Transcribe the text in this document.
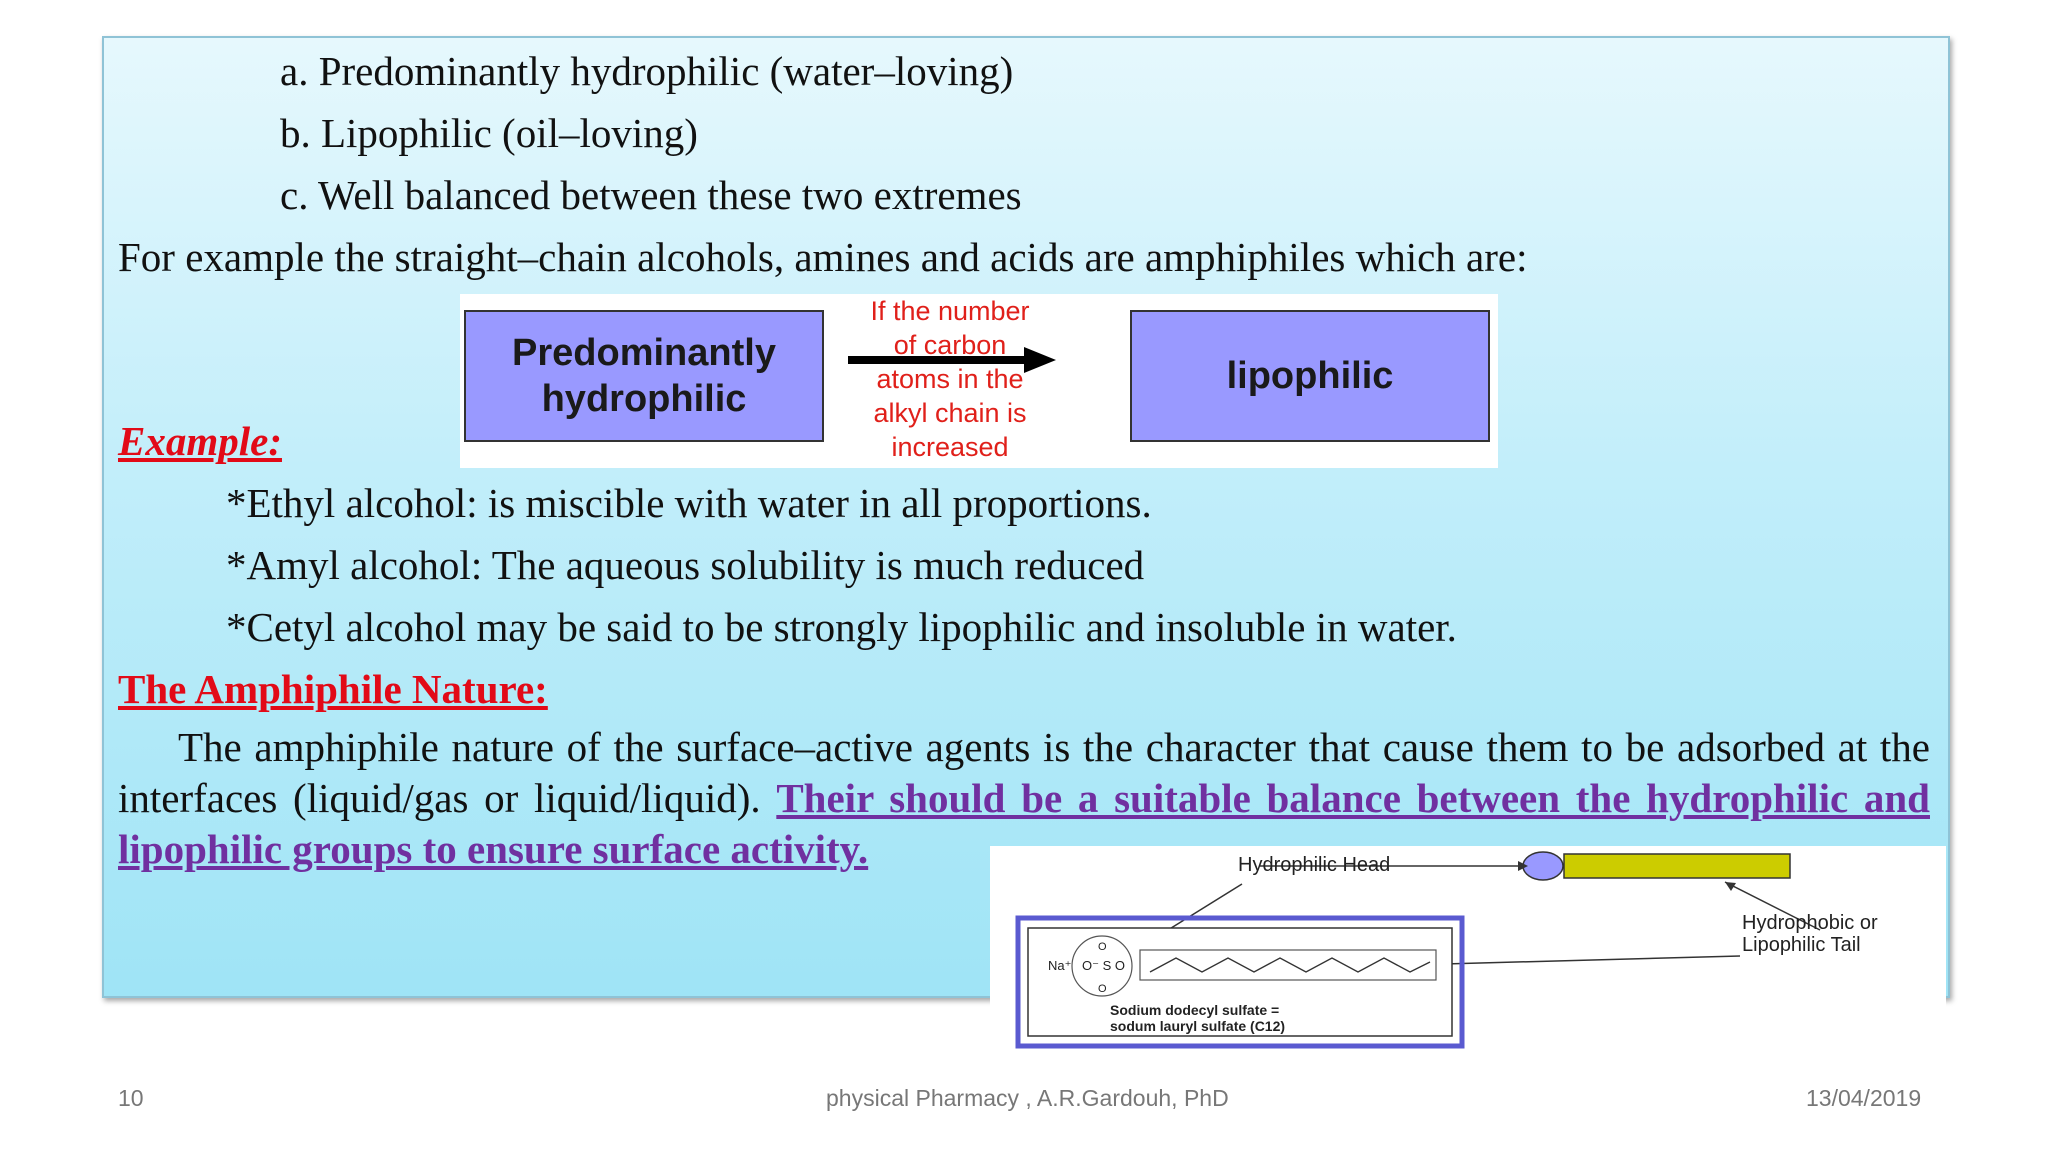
a. Predominantly hydrophilic (water–loving)
b. Lipophilic (oil–loving)
c. Well balanced between these two extremes
For example the straight–chain alcohols, amines and acids are amphiphiles which are:
Predominantly hydrophilic
If the number of carbon atoms in the alkyl chain is increased
lipophilic
Example:
*Ethyl alcohol: is miscible with water in all proportions.
*Amyl alcohol: The aqueous solubility is much reduced
*Cetyl alcohol may be said to be strongly lipophilic and insoluble in water.
The Amphiphile Nature:
The amphiphile nature of the surface–active agents is the character that cause them to be adsorbed at the interfaces (liquid/gas or liquid/liquid). Their should be a suitable balance between the hydrophilic and lipophilic groups to ensure surface activity.
Na⁺ O⁻ S O
O
O
Hydrophilic Head
Hydrophobic or Lipophilic Tail
Sodium dodecyl sulfate =
sodum lauryl sulfate (C12)
10	physical Pharmacy , A.R.Gardouh, PhD	13/04/2019
